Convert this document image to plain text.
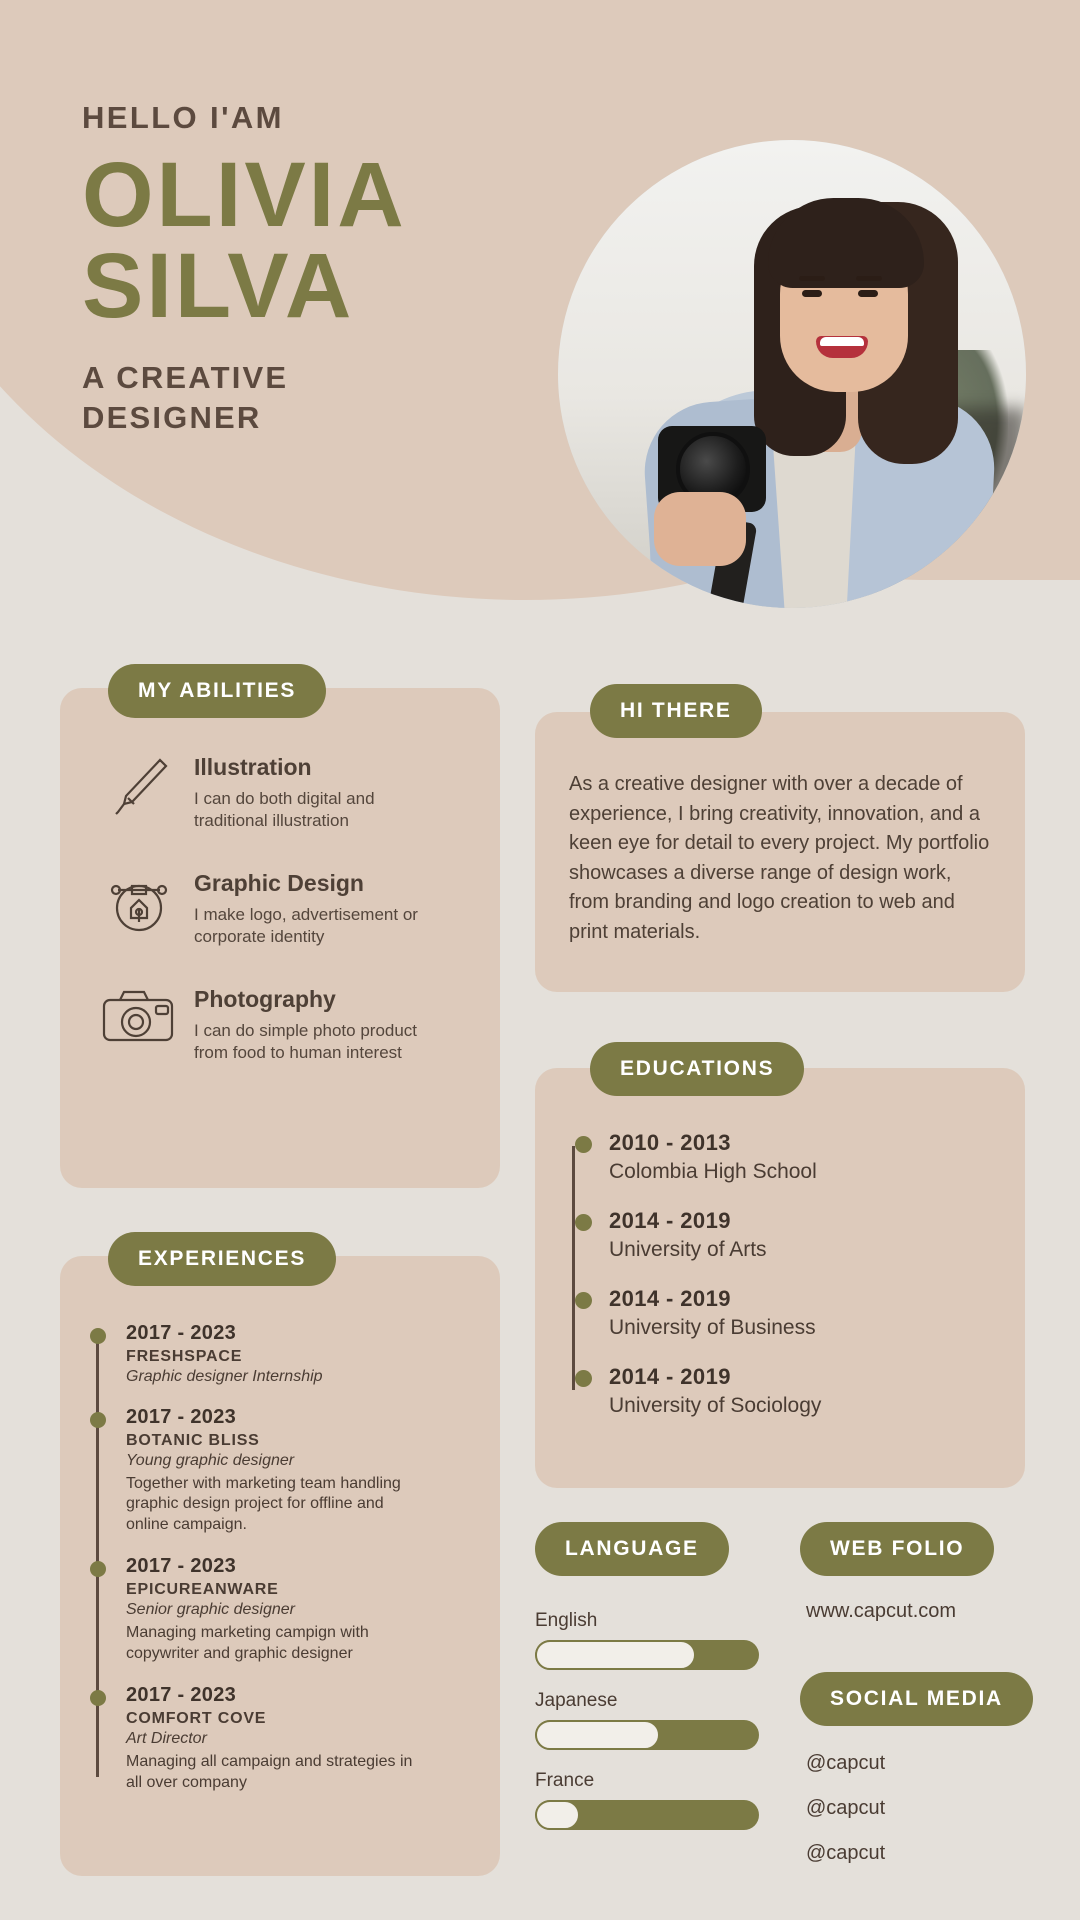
HELLO I'AM
OLIVIA
SILVA
A CREATIVE
DESIGNER
Illustration

I can do both digital and traditional illustration

Graphic Design

I make logo, advertisement or corporate identity

Photography

I can do simple photo product from food to human interest

MY ABILITIES
2017 - 2023
FRESHSPACE
Graphic designer Internship
2017 - 2023
BOTANIC BLISS
Young graphic designer
Together with marketing team handling graphic design project for offline and online campaign.
2017 - 2023
EPICUREANWARE
Senior graphic designer
Managing marketing campign with copywriter and graphic designer
2017 - 2023
COMFORT COVE
Art Director
Managing all campaign and strategies in all over company
EXPERIENCES

As a creative designer with over a decade of experience, I bring creativity, innovation, and a keen eye for detail to every project. My portfolio showcases a diverse range of design work, from branding and logo creation to web and print materials.

HI THERE
2010 - 2013
Colombia High School
2014 - 2019
University of Arts
2014 - 2019
University of Business
2014 - 2019
University of Sociology
EDUCATIONS
LANGUAGE
English
Japanese
France
WEB FOLIO
www.capcut.com
SOCIAL MEDIA
@capcut
@capcut
@capcut
